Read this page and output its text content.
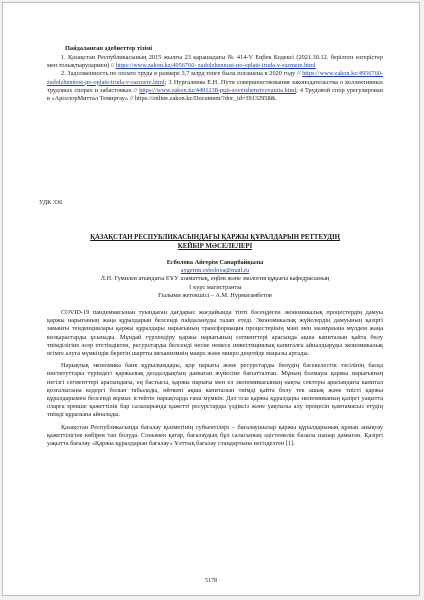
Пайдаланған әдебиеттер тізімі

1. Қазақстан Республикасының 2015 жылғы 23 қарашадағы № 414-V Еңбек Кодексі (2021.30.12. берілген өзгерістер мен толықтырулармен) // https://www.zakon.kz/4956760- zadolzhennost-po-oplate-truda-v-razmere.html

2. Задолженность по оплате труда в размере 3,7 млрд тенге была погашена в 2020 году // https://www.zakon.kz/4956760-zadolzhennost-po-oplate-truda-v-razmere.html; 3 Нургалиева Е.Н. Пути совершенствования законодательства о коллективных трудовых спорах и забастовках // https://www.zakon.kz/4491238-puti-sovershenstvovaniia.html; 4 Трудовой спор урегулирован в «АрселорМиттал Темиртау» // https://online.zakon.kz/Document/?doc_id=39132958&.

УДК 336
ҚАЗАҚСТАН РЕСПУБЛИКАСЫНДАҒЫ ҚАРЖЫ ҚҰРАЛДАРЫН РЕТТЕУДІҢ
КЕЙБІР МӘСЕЛЕЛЕРІ
Есболова Айгерім Сапарбайқызы
aygerim.esbolova@mail.ru
Л.Н. Гумилев атындағы ЕҰУ азаматтық, еңбек және экология құқығы кафедрасының
1 курс магистранты
Ғылыми жетекшісі – А.М. Нурмагамбетов

COVID-19 пандемиясынан туындаған дағдарыс жағдайында тіпті бәсеңдеген экономикалық процестердің дамуы қаржы нарығының жаңа құралдарын белсенді пайдалануды талап етеді. Экономикалық жүйелердің дамуының қазіргі заманғы тенденциялары қаржы құралдары нарығының трансформация процестерінің мәні мен мазмұнына мүлдем жаңа көзқарастарды ұсынады. Мұндай түрлендіру қаржы нарығының сегменттері арасында ақша капиталын қайта бөлу тиімділігіне әсер ететіндіктен, ресурстарды белсенді несие немесе инвестициялық капиталға айналдыруды экономикалық өсімге алуға мүмкіндік беретін шартты механизмнің макро және микро деңгейде маңызы артады.

Нарықтық экономика банк құрылымдары, қор нарығы және ресурстарды бөлудің бәсекелестік тәсілінің басқа институттары түріндегі қаржылық делдалдықтың дамыған жүйесіне бағытталған. Мұның болмауы қаржы нарығының негізгі сегменттері арасындағы, ең бастысы, қаржы нарығы мен ел экономикасының нақты секторы арасындағы капитал қозғалысына кедергі болып табылады, өйткені ақша капиталын тиімді қайта бөлу тек ашық және тиісті қаржы құралдарымен белсенді жұмыс істейтін нарықтарда ғана мүмкін. Дәл осы қаржы құралдары экономиканың қазіргі уақытта оларға ерекше қажеттілік бар салаларында қажетті ресурстарды үздіксіз және уақтылы алу процесін қамтамасыз етудің тиімді құралына айналады.

Қазақстан Республикасында бағалау қызметінің субъектілері – бағалаушылар қаржы құралдарының құнын анықтау қажеттілігіне көбірек тап болуда. Сонымен қатар, бағалаудың бұл саласының әдістемелік базасы нашар дамыған. Қазіргі уақытта бағалау «Қаржы құралдарын бағалау» Ұлттық бағалау стандартына негізделген [1].

5178
